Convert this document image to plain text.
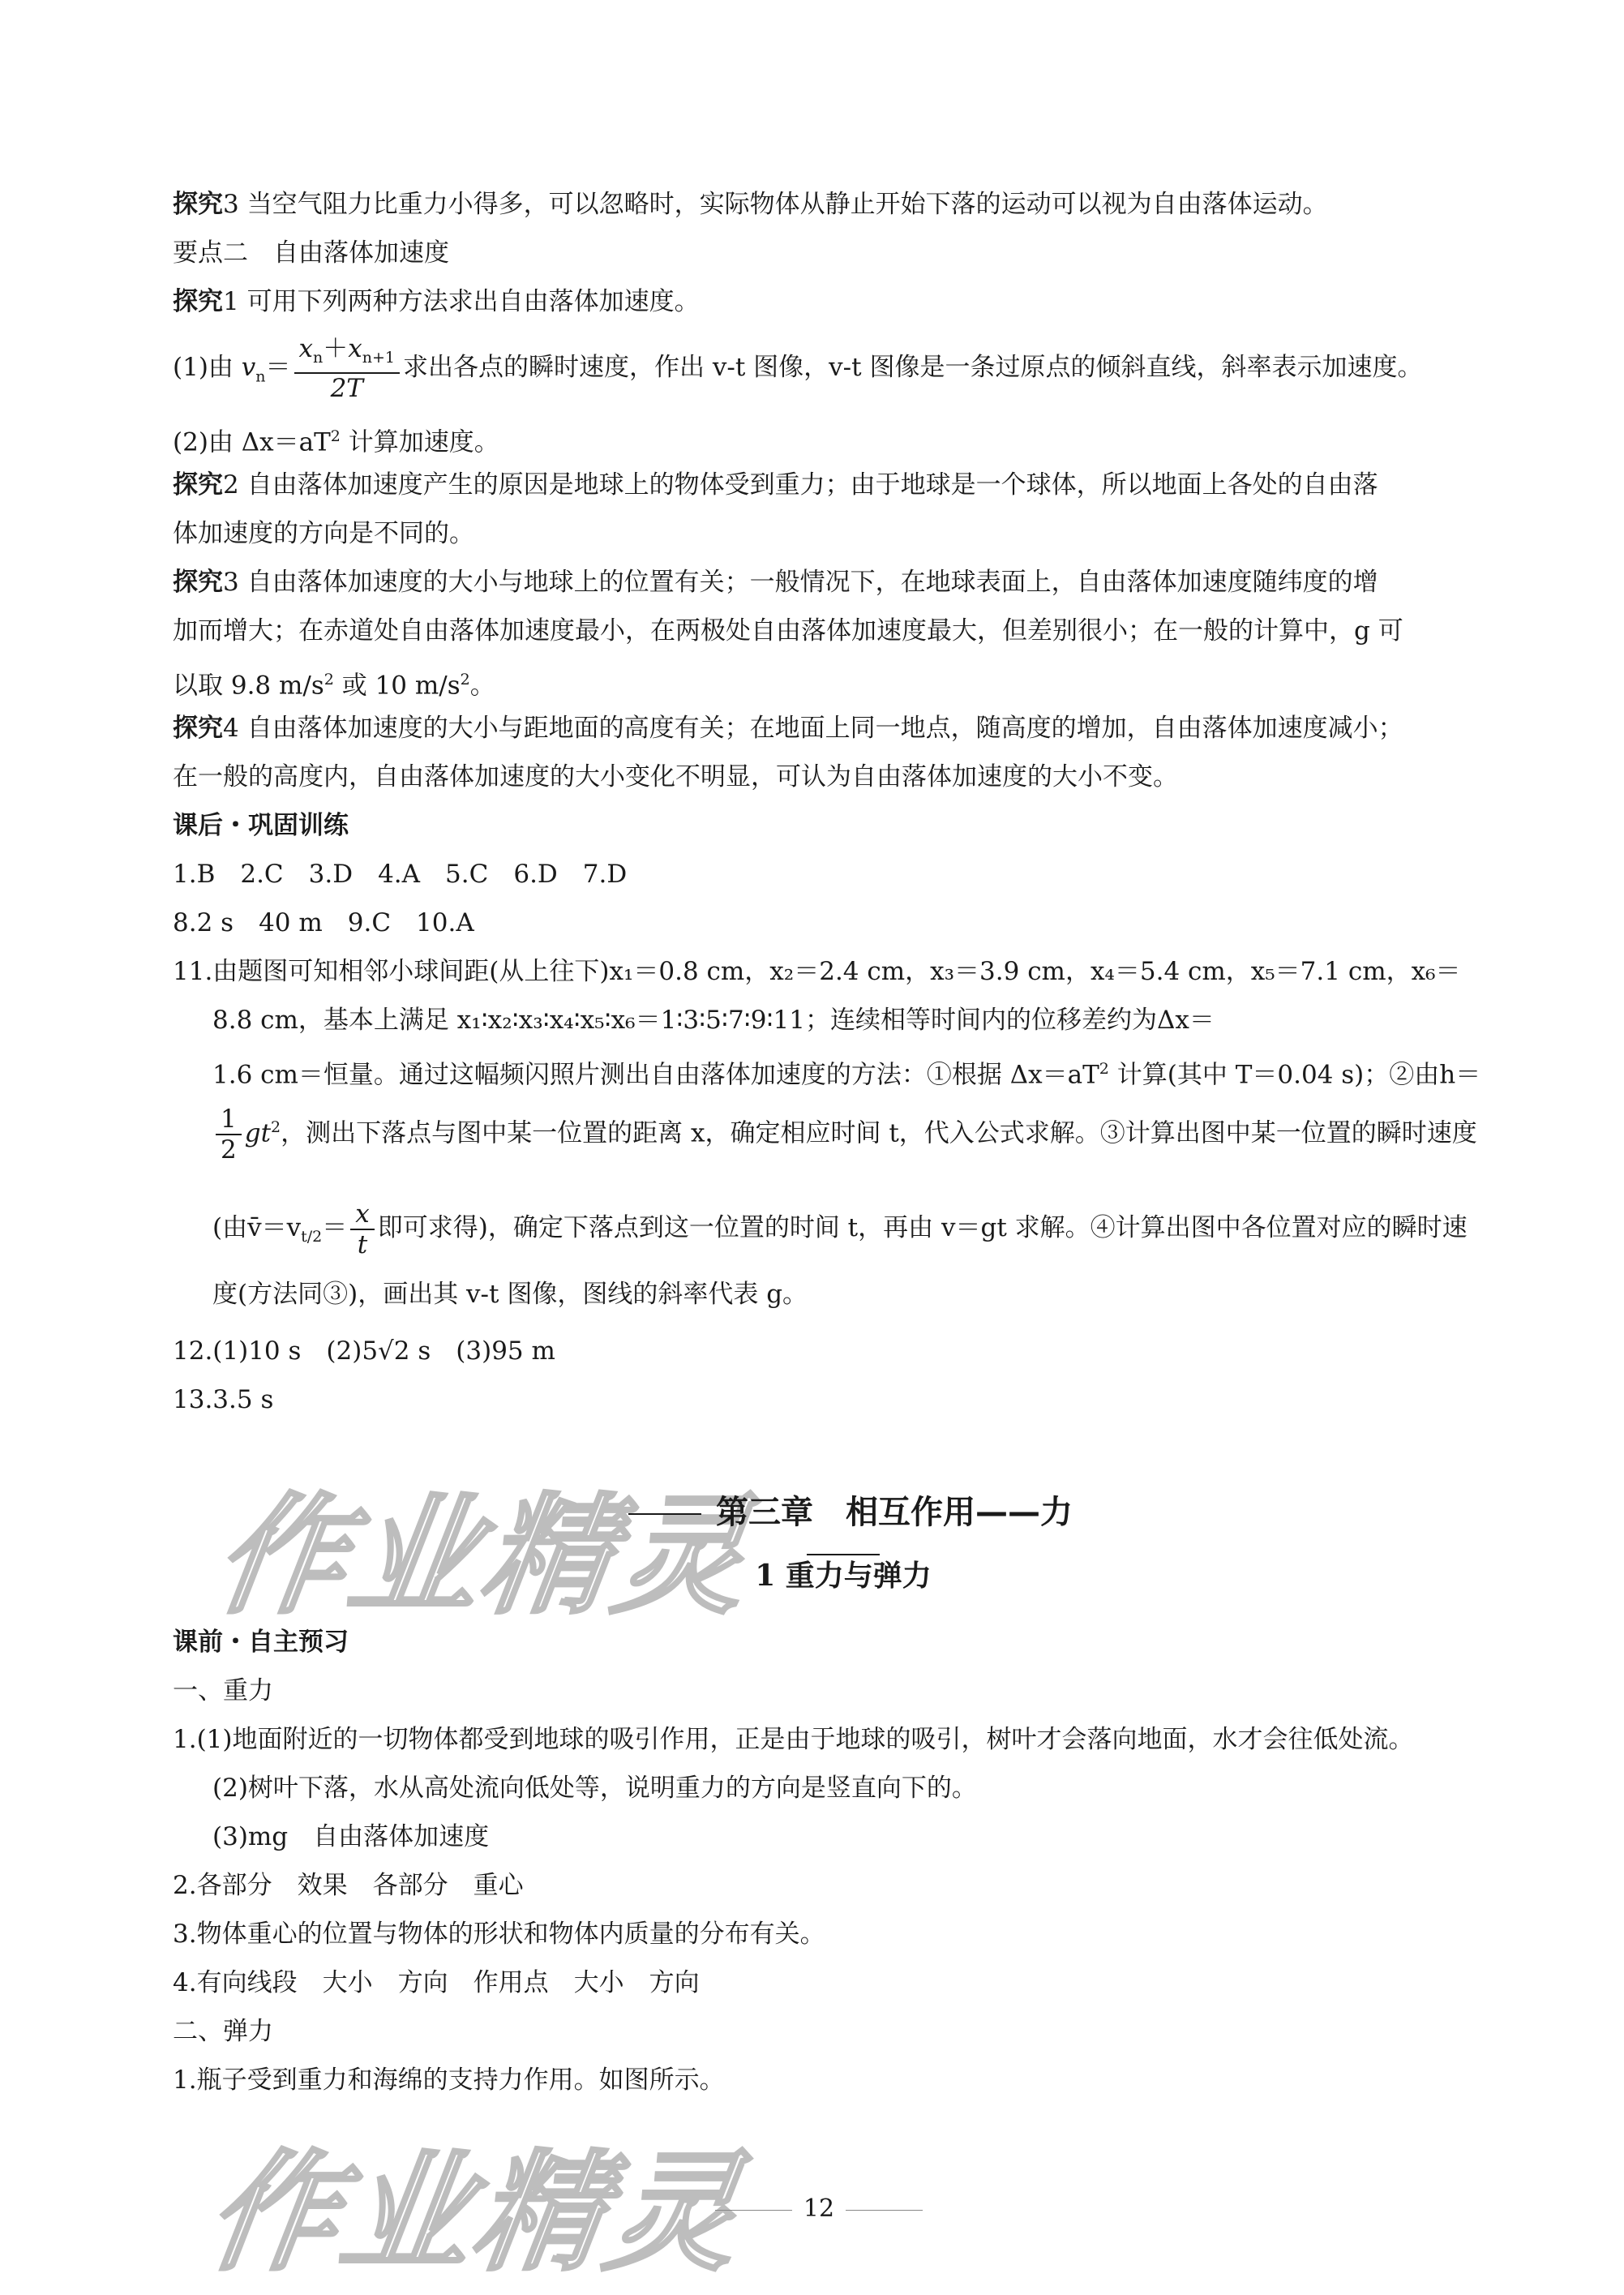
探究3 当空气阻力比重力小得多，可以忽略时，实际物体从静止开始下落的运动可以视为自由落体运动。
要点二　自由落体加速度
探究1 可用下列两种方法求出自由落体加速度。
(1)由 $v_n= \frac{x_n+x_{n+1}}{2T}$ 求出各点的瞬时速度，作出 v-t 图像，v-t 图像是一条过原点的倾斜直线，斜率表示加速度。
(2)由 $\Delta x=aT^2$ 计算加速度。
探究2 自由落体加速度产生的原因是地球上的物体受到重力；由于地球是一个球体，所以地面上各处的自由落
体加速度的方向是不同的。
探究3 自由落体加速度的大小与地球上的位置有关；一般情况下，在地球表面上，自由落体加速度随纬度的增
加而增大；在赤道处自由落体加速度最小，在两极处自由落体加速度最大，但差别很小；在一般的计算中，g 可
以取 9.8 $m/s^2$ 或 10 $m/s^2$。
探究4 自由落体加速度的大小与距地面的高度有关；在地面上同一地点，随高度的增加，自由落体加速度减小；
在一般的高度内，自由落体加速度的大小变化不明显，可认为自由落体加速度的大小不变。
课后・巩固训练
1.B　2.C　3.D　4.A　5.C　6.D　7.D
8.2 s　40 m　9.C　10.A
11.由题图可知相邻小球间距(从上往下)x₁＝0.8 cm，x₂＝2.4 cm，x₃＝3.9 cm，x₄＝5.4 cm，x₅＝7.1 cm，x₆＝
8.8 cm，基本上满足 x₁∶x₂∶x₃∶x₄∶x₅∶x₆＝1∶3∶5∶7∶9∶11；连续相等时间内的位移差约为Δx＝
1.6 cm＝恒量。通过这幅频闪照片测出自由落体加速度的方法：①根据 $\Delta x=aT^2$ 计算(其中 T＝0.04 s)；②由h＝
$\frac{1}{2} gt^2$，测出下落点与图中某一位置的距离 x，确定相应时间 t，代入公式求解。③计算出图中某一位置的瞬时速度
(由$v̄=v_{t/2}= \frac{x}{t}$ 即可求得)，确定下落点到这一位置的时间 t，再由 v＝gt 求解。④计算出图中各位置对应的瞬时速
度(方法同③)，画出其 v-t 图像，图线的斜率代表 g。
12.(1)10 s　(2)5√2 s　(3)95 m
13.3.5 s
作业精灵
第三章　相互作用——力
1 重力与弹力
课前・自主预习
一、重力
1.(1)地面附近的一切物体都受到地球的吸引作用，正是由于地球的吸引，树叶才会落向地面，水才会往低处流。
(2)树叶下落，水从高处流向低处等，说明重力的方向是竖直向下的。
(3)mg　自由落体加速度
2.各部分　效果　各部分　重心
3.物体重心的位置与物体的形状和物体内质量的分布有关。
4.有向线段　大小　方向　作用点　大小　方向
二、弹力
1.瓶子受到重力和海绵的支持力作用。如图所示。
作业精灵	12
